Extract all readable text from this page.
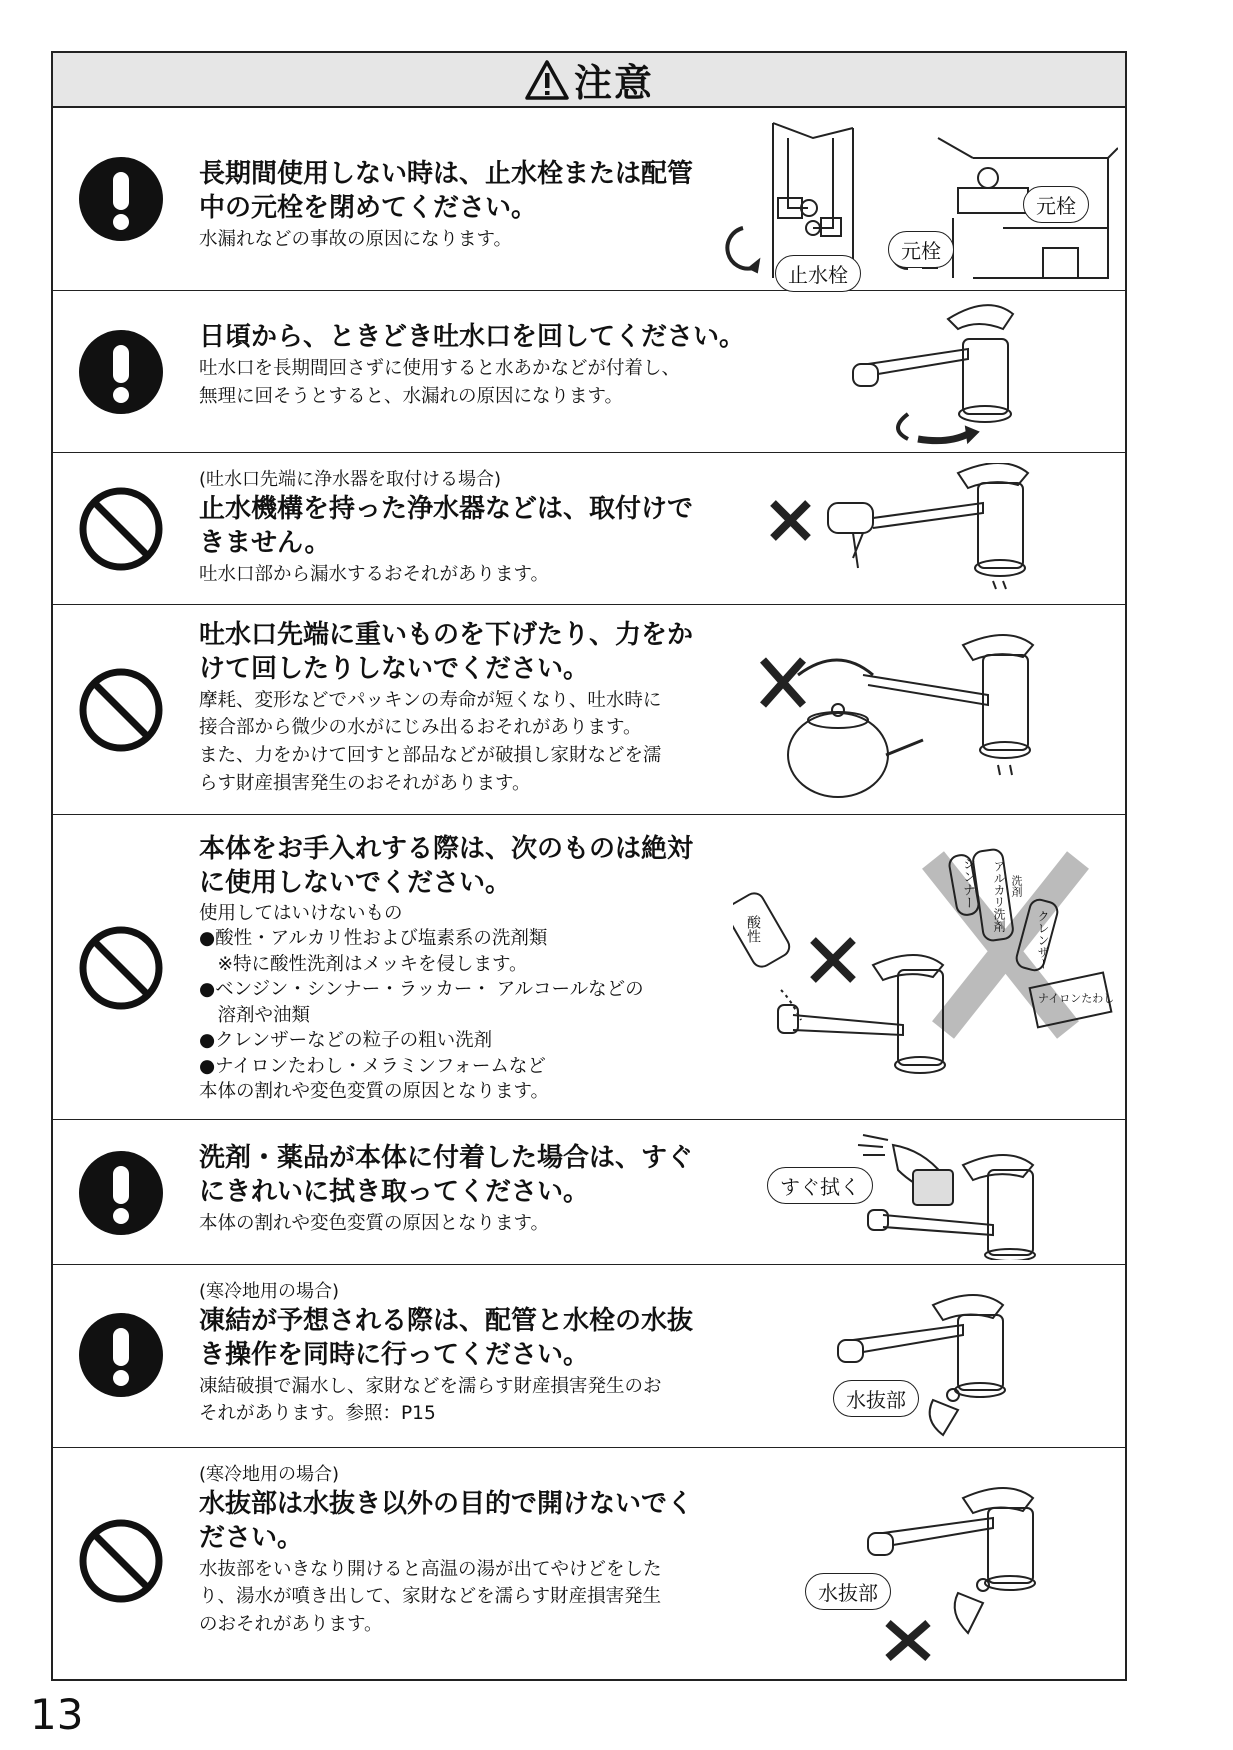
注意
長期間使用しない時は、止水栓または配管
中の元栓を閉めてください。
水漏れなどの事故の原因になります。
止水栓
元栓
元栓
日頃から、ときどき吐水口を回してください。
吐水口を長期間回さずに使用すると水あかなどが付着し、
無理に回そうとすると、水漏れの原因になります。
(吐水口先端に浄水器を取付ける場合)
止水機構を持った浄水器などは、取付けで
きません。
吐水口部から漏水するおそれがあります。
吐水口先端に重いものを下げたり、力をか
けて回したりしないでください。
摩耗、変形などでパッキンの寿命が短くなり、吐水時に
接合部から微少の水がにじみ出るおそれがあります。
また、力をかけて回すと部品などが破損し家財などを濡
らす財産損害発生のおそれがあります。
本体をお手入れする際は、次のものは絶対
に使用しないでください。
使用してはいけないもの
●酸性・アルカリ性および塩素系の洗剤類
　※特に酸性洗剤はメッキを侵します。
●ベンジン・シンナー・ラッカー・ アルコールなどの
　溶剤や油類
●クレンザーなどの粒子の粗い洗剤
●ナイロンたわし・メラミンフォームなど
本体の割れや変色変質の原因となります。
シンナー アルカリ洗剤
酸性	クレンザー
ナイロンたわし
洗剤
洗剤・薬品が本体に付着した場合は、すぐ
にきれいに拭き取ってください。
本体の割れや変色変質の原因となります。
すぐ拭く
(寒冷地用の場合)
凍結が予想される際は、配管と水栓の水抜
き操作を同時に行ってください。
凍結破損で漏水し、家財などを濡らす財産損害発生のお
それがあります。参照：P15
水抜部
(寒冷地用の場合)
水抜部は水抜き以外の目的で開けないでく
ださい。
水抜部をいきなり開けると高温の湯が出てやけどをした
り、湯水が噴き出して、家財などを濡らす財産損害発生
のおそれがあります。
水抜部
13
